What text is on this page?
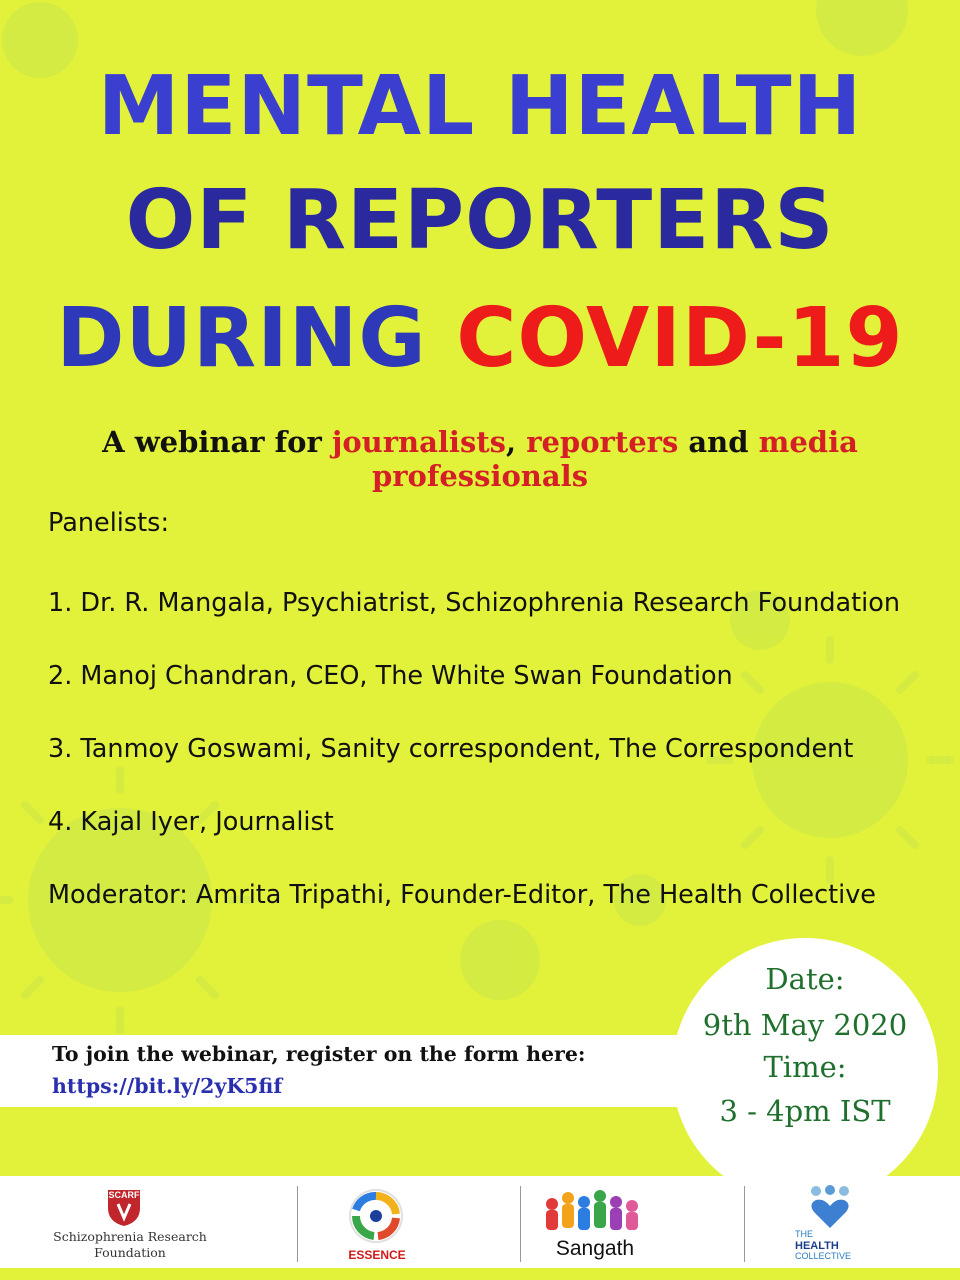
MENTAL HEALTH
OF REPORTERS
DURING COVID-19
A webinar for journalists, reporters and media professionals
Panelists:
1. Dr. R. Mangala, Psychiatrist, Schizophrenia Research Foundation
2. Manoj Chandran, CEO, The White Swan Foundation
3. Tanmoy Goswami, Sanity correspondent, The Correspondent
4. Kajal Iyer, Journalist
Moderator: Amrita Tripathi, Founder-Editor, The Health Collective
To join the webinar, register on the form here:
https://bit.ly/2yK5fif
Date:
9th May 2020
Time:
3 - 4pm IST
SCARF
Schizophrenia Research
Foundation	ESSENCE	Sangath
THE
HEALTH
COLLECTIVE
